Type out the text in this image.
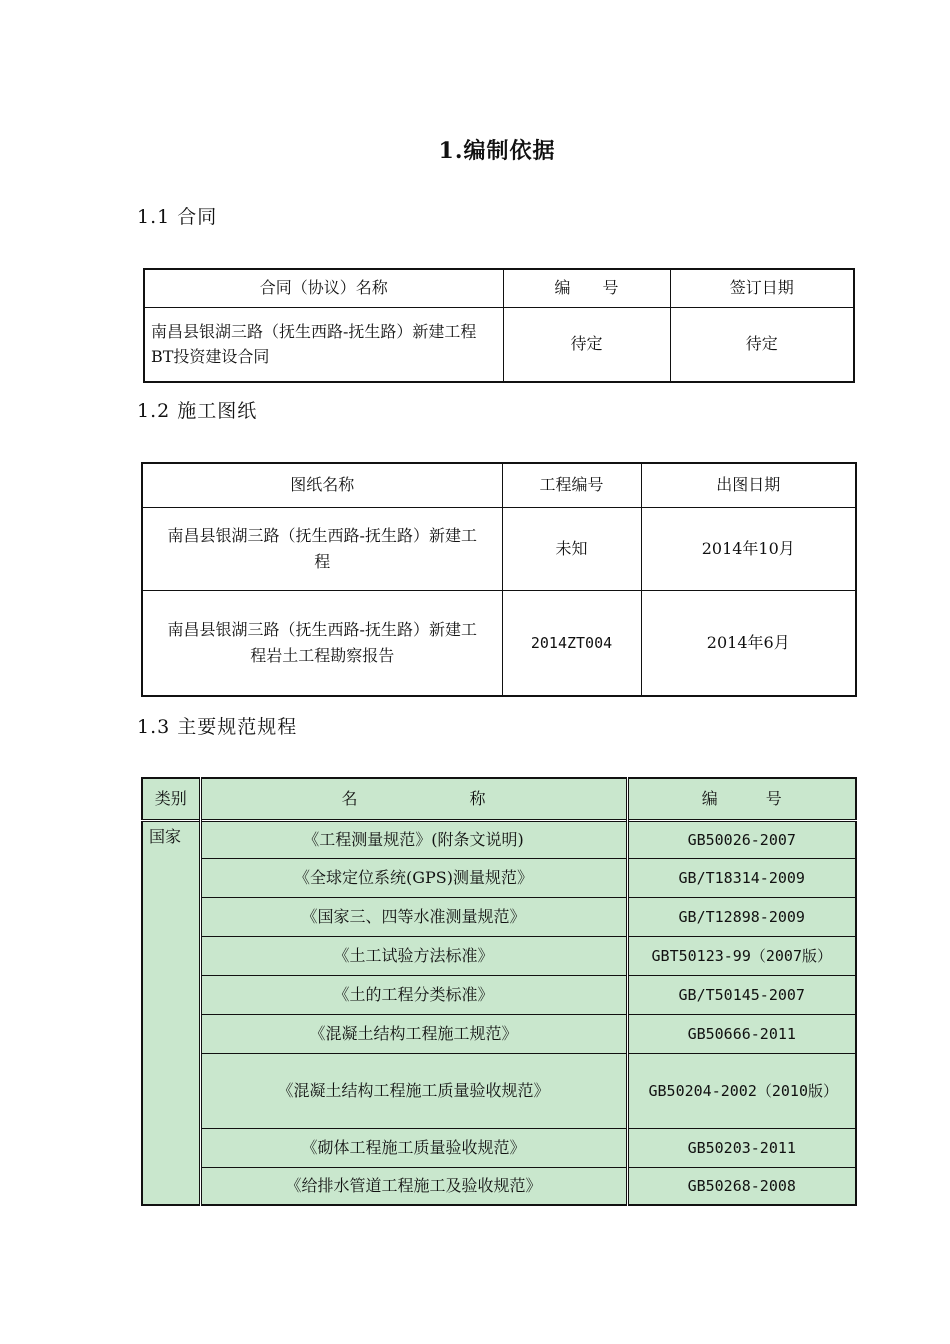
1.编制依据
1.1 合同
合同（协议）名称	编　　号	签订日期
南昌县银湖三路（抚生西路-抚生路）新建工程BT投资建设合同	待定	待定
1.2 施工图纸
图纸名称	工程编号	出图日期
南昌县银湖三路（抚生西路-抚生路）新建工程	未知	2014年10月
南昌县银湖三路（抚生西路-抚生路）新建工程岩土工程勘察报告	2014ZT004	2014年6月
1.3 主要规范规程
类别	名　　　　　　　称	编　　　号
国家	《工程测量规范》(附条文说明)	GB50026-2007
	《全球定位系统(GPS)测量规范》	GB/T18314-2009
	《国家三、四等水准测量规范》	GB/T12898-2009
	《土工试验方法标准》	GBT50123-99（2007版）
	《土的工程分类标准》	GB/T50145-2007
	《混凝土结构工程施工规范》	GB50666-2011
	《混凝土结构工程施工质量验收规范》	GB50204-2002（2010版）
	《砌体工程施工质量验收规范》	GB50203-2011
	《给排水管道工程施工及验收规范》	GB50268-2008
